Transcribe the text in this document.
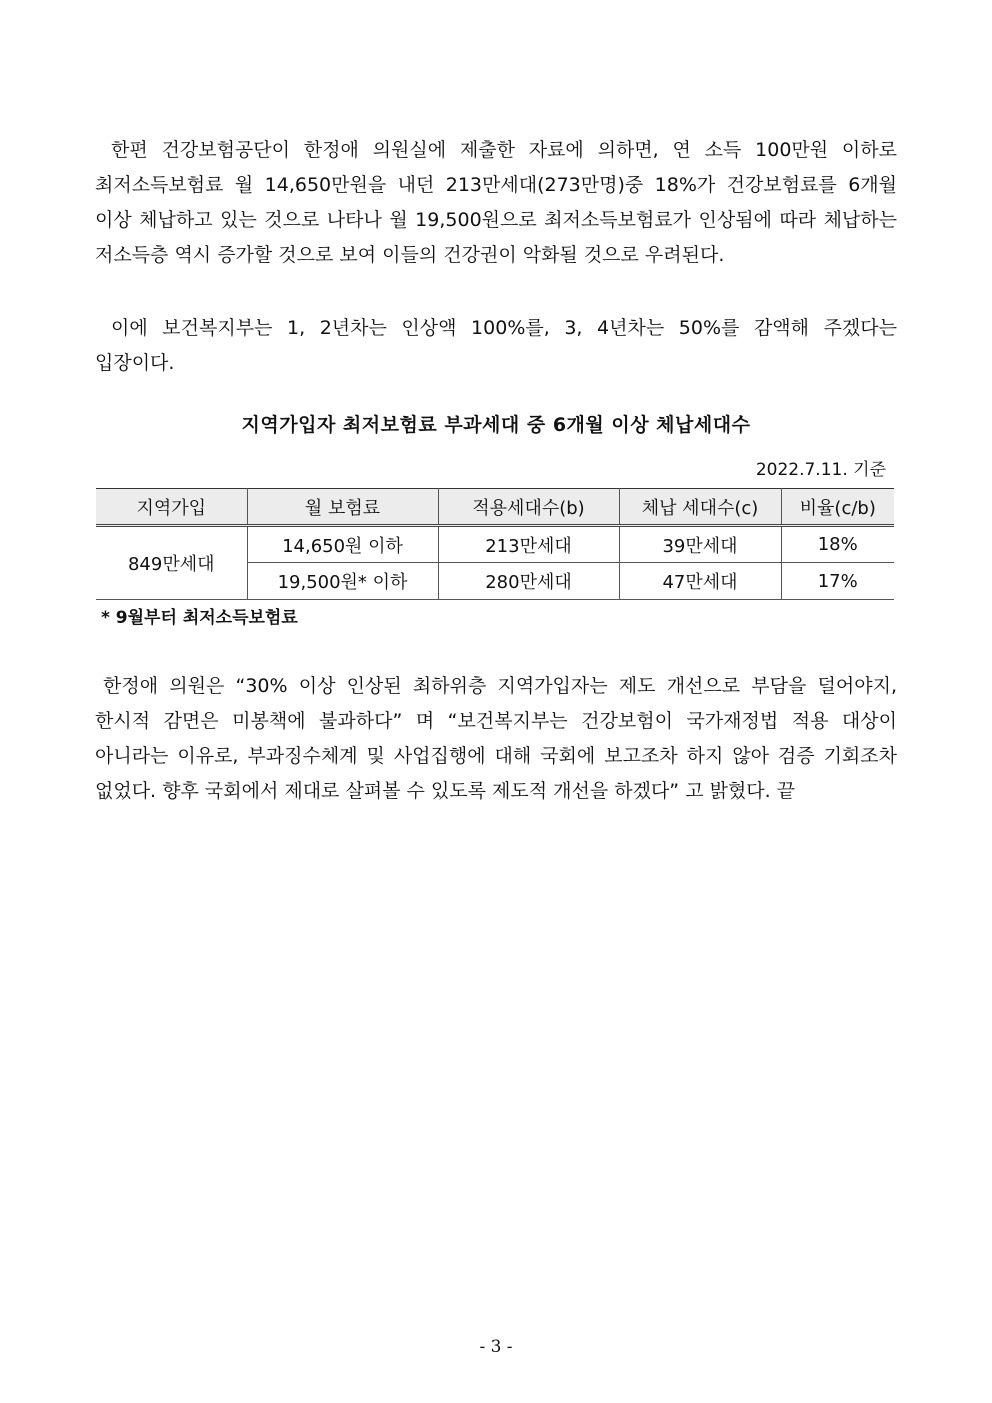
한편 건강보험공단이 한정애 의원실에 제출한 자료에 의하면, 연 소득 100만원 이하로 최저소득보험료 월 14,650만원을 내던 213만세대(273만명)중 18%가 건강보험료를 6개월 이상 체납하고 있는 것으로 나타나 월 19,500원으로 최저소득보험료가 인상됨에 따라 체납하는 저소득층 역시 증가할 것으로 보여 이들의 건강권이 악화될 것으로 우려된다.

이에 보건복지부는 1, 2년차는 인상액 100%를, 3, 4년차는 50%를 감액해 주겠다는 입장이다.

지역가입자 최저보험료 부과세대 중 6개월 이상 체납세대수
2022.7.11. 기준
지역가입	월 보험료	적용세대수(b)	체납 세대수(c)	비율(c/b)
849만세대	14,650원 이하	213만세대	39만세대	18%
	19,500원* 이하	280만세대	47만세대	17%
* 9월부터 최저소득보험료

한정애 의원은 “30% 이상 인상된 최하위층 지역가입자는 제도 개선으로 부담을 덜어야지, 한시적 감면은 미봉책에 불과하다” 며 “보건복지부는 건강보험이 국가재정법 적용 대상이 아니라는 이유로, 부과징수체계 및 사업집행에 대해 국회에 보고조차 하지 않아 검증 기회조차 없었다. 향후 국회에서 제대로 살펴볼 수 있도록 제도적 개선을 하겠다” 고 밝혔다. 끝

- 3 -
